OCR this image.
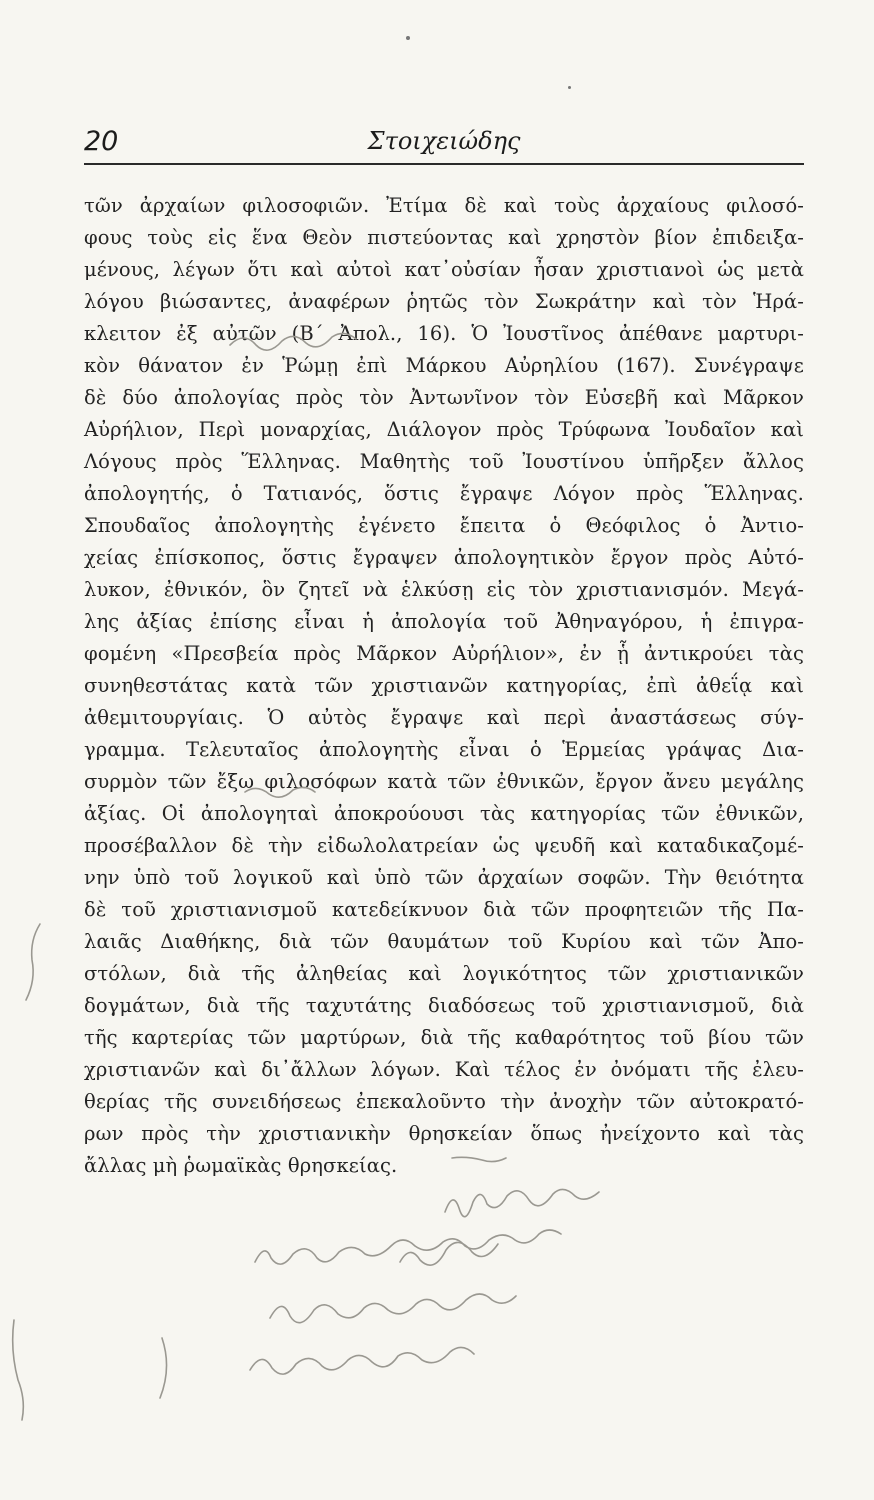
20	Στοιχειώδης
τῶν ἀρχαίων φιλοσοφιῶν. Ἐτίμα δὲ καὶ τοὺς ἀρχαίους φιλοσό-
φους τοὺς εἰς ἕνα Θεὸν πιστεύοντας καὶ χρηστὸν βίον ἐπιδειξα-
μένους, λέγων ὅτι καὶ αὐτοὶ κατ᾽οὐσίαν ἦσαν χριστιανοὶ ὡς μετὰ
λόγου βιώσαντες, ἀναφέρων ῥητῶς τὸν Σωκράτην καὶ τὸν Ἡρά-
κλειτον ἐξ αὐτῶν (Β´ Ἀπολ., 16). Ὁ Ἰουστῖνος ἀπέθανε μαρτυρι-
κὸν θάνατον ἐν Ῥώμῃ ἐπὶ Μάρκου Αὐρηλίου (167). Συνέγραψε
δὲ δύο ἀπολογίας πρὸς τὸν Ἀντωνῖνον τὸν Εὐσεβῆ καὶ Μᾶρκον
Αὐρήλιον, Περὶ μοναρχίας, Διάλογον πρὸς Τρύφωνα Ἰουδαῖον καὶ
Λόγους πρὸς Ἕλληνας. Μαθητὴς τοῦ Ἰουστίνου ὑπῆρξεν ἄλλος
ἀπολογητής, ὁ Τατιανός, ὅστις ἔγραψε Λόγον πρὸς Ἕλληνας.
Σπουδαῖος ἀπολογητὴς ἐγένετο ἔπειτα ὁ Θεόφιλος ὁ Ἀντιο-
χείας ἐπίσκοπος, ὅστις ἔγραψεν ἀπολογητικὸν ἔργον πρὸς Αὐτό-
λυκον, ἐθνικόν, ὃν ζητεῖ νὰ ἑλκύσῃ εἰς τὸν χριστιανισμόν. Μεγά-
λης ἀξίας ἐπίσης εἶναι ἡ ἀπολογία τοῦ Ἀθηναγόρου, ἡ ἐπιγρα-
φομένη «Πρεσβεία πρὸς Μᾶρκον Αὐρήλιον», ἐν ᾗ ἀντικρούει τὰς
συνηθεστάτας κατὰ τῶν χριστιανῶν κατηγορίας, ἐπὶ ἀθεΐᾳ καὶ
ἀθεμιτουργίαις. Ὁ αὐτὸς ἔγραψε καὶ περὶ ἀναστάσεως σύγ-
γραμμα. Τελευταῖος ἀπολογητὴς εἶναι ὁ Ἑρμείας γράψας Δια-
συρμὸν τῶν ἔξω φιλοσόφων κατὰ τῶν ἐθνικῶν, ἔργον ἄνευ μεγάλης
ἀξίας. Οἱ ἀπολογηταὶ ἀποκρούουσι τὰς κατηγορίας τῶν ἐθνικῶν,
προσέβαλλον δὲ τὴν εἰδωλολατρείαν ὡς ψευδῆ καὶ καταδικαζομέ-
νην ὑπὸ τοῦ λογικοῦ καὶ ὑπὸ τῶν ἀρχαίων σοφῶν. Τὴν θειότητα
δὲ τοῦ χριστιανισμοῦ κατεδείκνυον διὰ τῶν προφητειῶν τῆς Πα-
λαιᾶς Διαθήκης, διὰ τῶν θαυμάτων τοῦ Κυρίου καὶ τῶν Ἀπο-
στόλων, διὰ τῆς ἀληθείας καὶ λογικότητος τῶν χριστιανικῶν
δογμάτων, διὰ τῆς ταχυτάτης διαδόσεως τοῦ χριστιανισμοῦ, διὰ
τῆς καρτερίας τῶν μαρτύρων, διὰ τῆς καθαρότητος τοῦ βίου τῶν
χριστιανῶν καὶ δι᾽ἄλλων λόγων. Καὶ τέλος ἐν ὀνόματι τῆς ἐλευ-
θερίας τῆς συνειδήσεως ἐπεκαλοῦντο τὴν ἀνοχὴν τῶν αὐτοκρατό-
ρων πρὸς τὴν χριστιανικὴν θρησκείαν ὅπως ἠνείχοντο καὶ τὰς
ἄλλας μὴ ῥωμαϊκὰς θρησκείας.
